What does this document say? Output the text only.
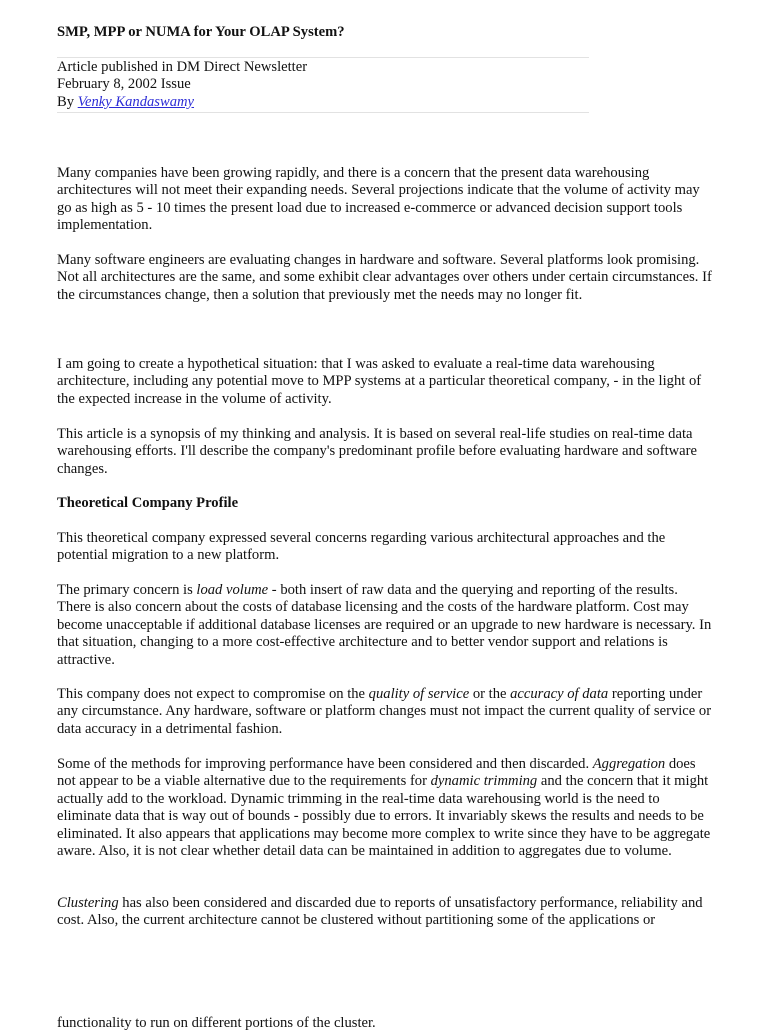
SMP, MPP or NUMA for Your OLAP System?
Article published in DM Direct Newsletter
February 8, 2002 Issue
By Venky Kandaswamy

Many companies have been growing rapidly, and there is a concern that the present data warehousing architectures will not meet their expanding needs. Several projections indicate that the volume of activity may go as high as 5 - 10 times the present load due to increased e-commerce or advanced decision support tools implementation.

Many software engineers are evaluating changes in hardware and software. Several platforms look promising. Not all architectures are the same, and some exhibit clear advantages over others under certain circumstances. If the circumstances change, then a solution that previously met the needs may no longer fit.

I am going to create a hypothetical situation: that I was asked to evaluate a real-time data warehousing architecture, including any potential move to MPP systems at a particular theoretical company, - in the light of the expected increase in the volume of activity.

This article is a synopsis of my thinking and analysis. It is based on several real-life studies on real-time data warehousing efforts. I'll describe the company's predominant profile before evaluating hardware and software changes.

Theoretical Company Profile

This theoretical company expressed several concerns regarding various architectural approaches and the potential migration to a new platform.

The primary concern is load volume - both insert of raw data and the querying and reporting of the results. There is also concern about the costs of database licensing and the costs of the hardware platform. Cost may become unacceptable if additional database licenses are required or an upgrade to new hardware is necessary. In that situation, changing to a more cost-effective architecture and to better vendor support and relations is attractive.

This company does not expect to compromise on the quality of service or the accuracy of data reporting under any circumstance. Any hardware, software or platform changes must not impact the current quality of service or data accuracy in a detrimental fashion.

Some of the methods for improving performance have been considered and then discarded. Aggregation does not appear to be a viable alternative due to the requirements for dynamic trimming and the concern that it might actually add to the workload. Dynamic trimming in the real-time data warehousing world is the need to eliminate data that is way out of bounds - possibly due to errors. It invariably skews the results and needs to be eliminated. It also appears that applications may become more complex to write since they have to be aggregate aware. Also, it is not clear whether detail data can be maintained in addition to aggregates due to volume.

Clustering has also been considered and discarded due to reports of unsatisfactory performance, reliability and cost. Also, the current architecture cannot be clustered without partitioning some of the applications or

functionality to run on different portions of the cluster.
